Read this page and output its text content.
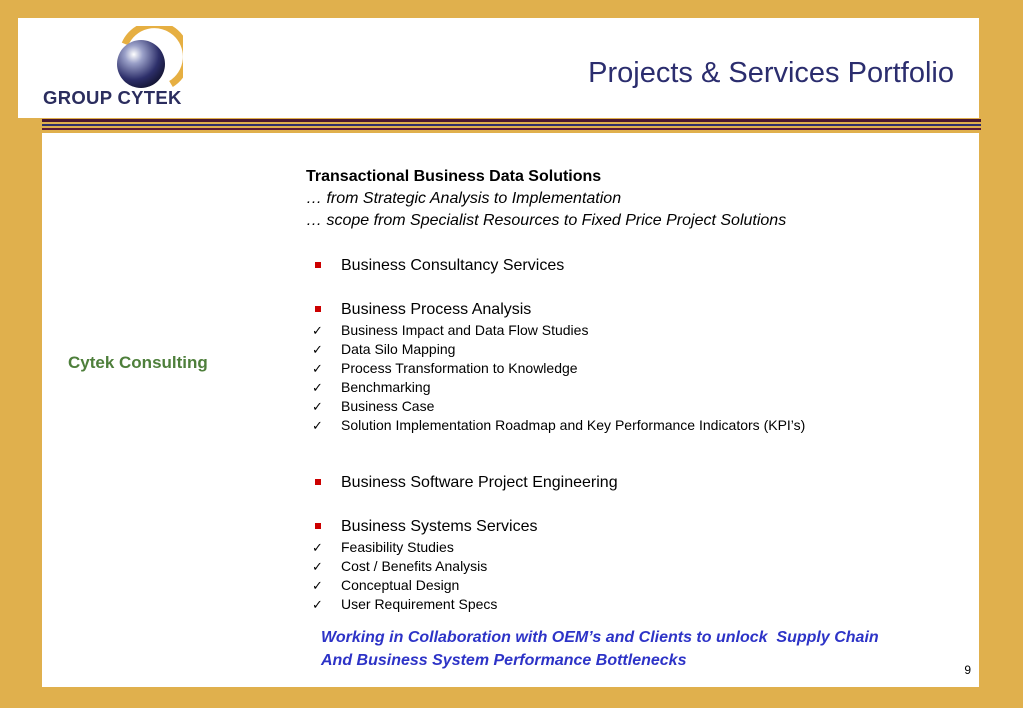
GROUP CYTEK
Projects & Services Portfolio
Cytek Consulting
Transactional Business Data Solutions
… from Strategic Analysis to Implementation
… scope from Specialist Resources to Fixed Price Project Solutions
Business Consultancy Services
Business Process Analysis
✓ Business Impact and Data Flow Studies
✓ Data Silo Mapping
✓ Process Transformation to Knowledge
✓ Benchmarking
✓ Business Case
✓ Solution Implementation Roadmap and Key Performance Indicators (KPI’s)
Business Software Project Engineering
Business Systems Services
✓ Feasibility Studies
✓ Cost / Benefits Analysis
✓ Conceptual Design
✓ User Requirement Specs
Working in Collaboration with OEM’s and Clients to unlock  Supply Chain
And Business System Performance Bottlenecks
9
